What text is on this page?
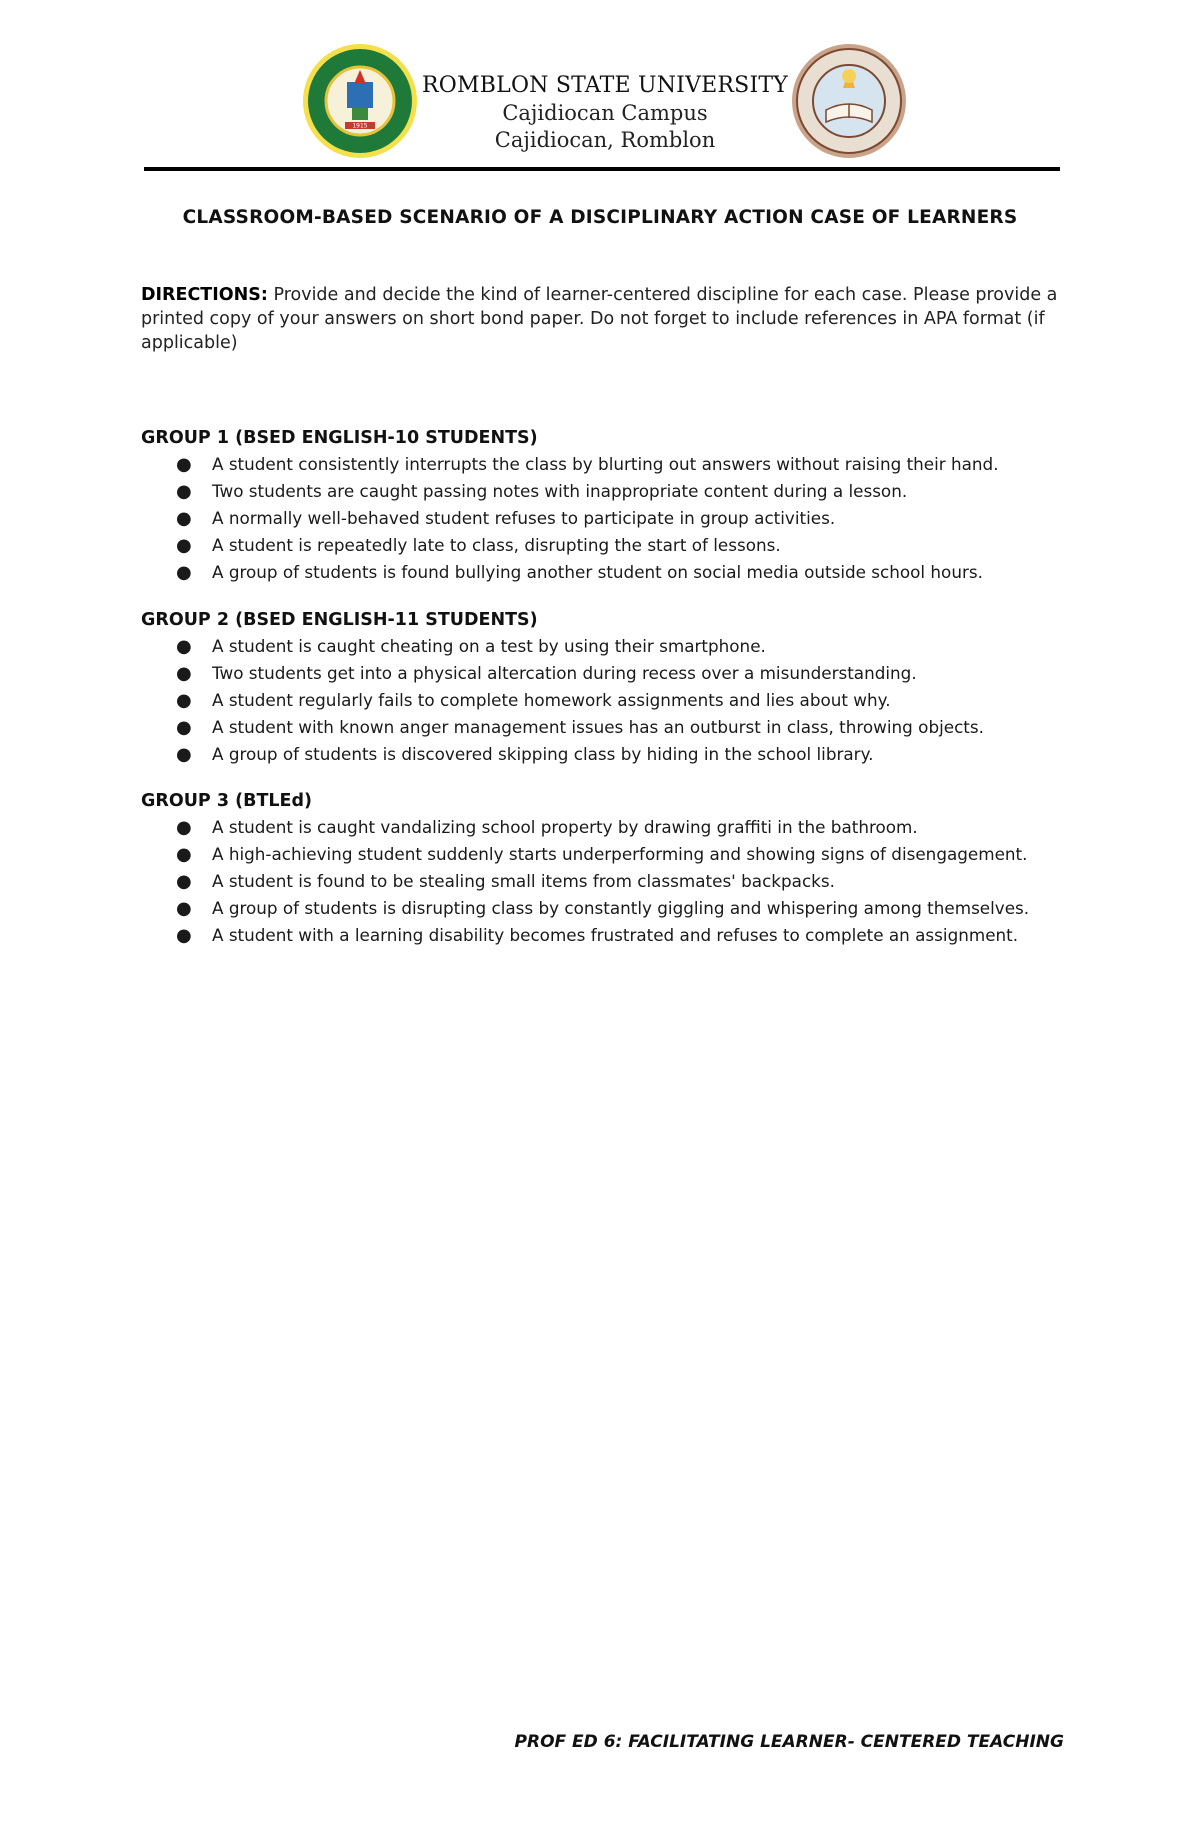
1915
ROMBLON STATE UNIVERSITY
Cajidiocan Campus
Cajidiocan, Romblon
CLASSROOM-BASED SCENARIO OF A DISCIPLINARY ACTION CASE OF LEARNERS
DIRECTIONS: Provide and decide the kind of learner-centered discipline for each case. Please provide a printed copy of your answers on short bond paper. Do not forget to include references in APA format (if applicable)

GROUP 1 (BSED ENGLISH-10 STUDENTS)

● A student consistently interrupts the class by blurting out answers without raising their hand.
● Two students are caught passing notes with inappropriate content during a lesson.
● A normally well-behaved student refuses to participate in group activities.
● A student is repeatedly late to class, disrupting the start of lessons.
● A group of students is found bullying another student on social media outside school hours.

GROUP 2 (BSED ENGLISH-11 STUDENTS)

● A student is caught cheating on a test by using their smartphone.
● Two students get into a physical altercation during recess over a misunderstanding.
● A student regularly fails to complete homework assignments and lies about why.
● A student with known anger management issues has an outburst in class, throwing objects.
● A group of students is discovered skipping class by hiding in the school library.

GROUP 3 (BTLEd)

● A student is caught vandalizing school property by drawing graffiti in the bathroom.
● A high-achieving student suddenly starts underperforming and showing signs of disengagement.
● A student is found to be stealing small items from classmates' backpacks.
● A group of students is disrupting class by constantly giggling and whispering among themselves.
● A student with a learning disability becomes frustrated and refuses to complete an assignment.
PROF ED 6: FACILITATING LEARNER- CENTERED TEACHING
